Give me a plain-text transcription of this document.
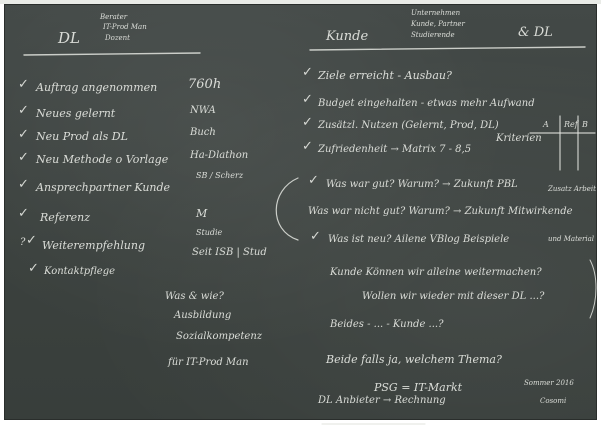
DL
Berater
IT-Prod Man
Dozent
✓ Auftrag angenommen 760h
✓ Neues gelernt	NWA
✓ Neu Prod als DL	Buch
✓ Neu Methode o Vorlage Ha-Dlathon
✓ Ansprechpartner Kunde
SB / Scherz
✓ Referenz	M
? ✓ Weiterempfehlung
Studie
✓ Kontaktpflege
Seit ISB | Stud
Was & wie?
Ausbildung
Sozialkompetenz
für IT-Prod Man
Kunde
Unternehmen
Kunde, Partner
Studierende	& DL
✓ Ziele erreicht - Ausbau?
✓ Budget eingehalten - etwas mehr Aufwand
✓ Zusätzl. Nutzen (Gelernt, Prod, DL)
✓ Zufriedenheit → Matrix 7 - 8,5
Kriterien
A Ref B
✓ Was war gut? Warum? → Zukunft PBL
Was war nicht gut? Warum? → Zukunft Mitwirkende
✓ Was ist neu? Ailene VBlog Beispiele
Kunde Können wir alleine weitermachen?
Wollen wir wieder mit dieser DL ...?
Beides - ... - Kunde ...?
Beide falls ja, welchem Thema?
PSG = IT-Markt
DL Anbieter → Rechnung
Zusatz Arbeit
und Material
Sommer 2016
Cosomi
